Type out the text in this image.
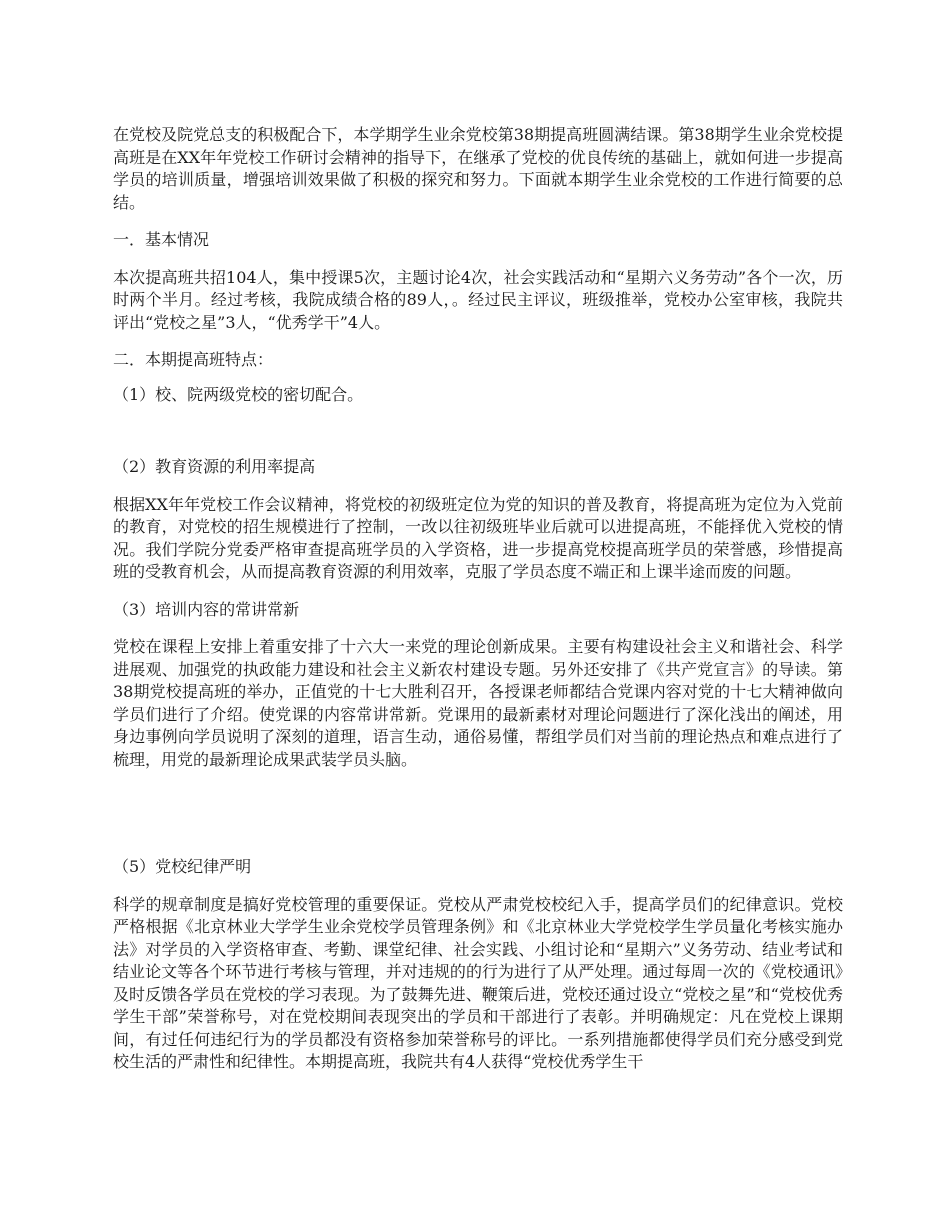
在党校及院党总支的积极配合下，本学期学生业余党校第38期提高班圆满结课。第38期学生业余党校提高班是在XX年年党校工作研讨会精神的指导下，在继承了党校的优良传统的基础上，就如何进一步提高学员的培训质量，增强培训效果做了积极的探究和努力。下面就本期学生业余党校的工作进行简要的总结。

一．基本情况

本次提高班共招104人，集中授课5次，主题讨论4次，社会实践活动和“星期六义务劳动”各个一次，历时两个半月。经过考核，我院成绩合格的89人，。经过民主评议，班级推举，党校办公室审核，我院共评出“党校之星”3人，“优秀学干”4人。

二．本期提高班特点：

（1）校、院两级党校的密切配合。

（2）教育资源的利用率提高

根据XX年年党校工作会议精神，将党校的初级班定位为党的知识的普及教育，将提高班为定位为入党前的教育，对党校的招生规模进行了控制，一改以往初级班毕业后就可以进提高班，不能择优入党校的情况。我们学院分党委严格审查提高班学员的入学资格，进一步提高党校提高班学员的荣誉感，珍惜提高班的受教育机会，从而提高教育资源的利用效率，克服了学员态度不端正和上课半途而废的问题。

（3）培训内容的常讲常新

党校在课程上安排上着重安排了十六大一来党的理论创新成果。主要有构建设社会主义和谐社会、科学进展观、加强党的执政能力建设和社会主义新农村建设专题。另外还安排了《共产党宣言》的导读。第38期党校提高班的举办，正值党的十七大胜利召开，各授课老师都结合党课内容对党的十七大精神做向学员们进行了介绍。使党课的内容常讲常新。党课用的最新素材对理论问题进行了深化浅出的阐述，用身边事例向学员说明了深刻的道理，语言生动，通俗易懂，帮组学员们对当前的理论热点和难点进行了梳理，用党的最新理论成果武装学员头脑。

（5）党校纪律严明

科学的规章制度是搞好党校管理的重要保证。党校从严肃党校校纪入手，提高学员们的纪律意识。党校严格根据《北京林业大学学生业余党校学员管理条例》和《北京林业大学党校学生学员量化考核实施办法》对学员的入学资格审查、考勤、课堂纪律、社会实践、小组讨论和“星期六”义务劳动、结业考试和结业论文等各个环节进行考核与管理，并对违规的的行为进行了从严处理。通过每周一次的《党校通讯》及时反馈各学员在党校的学习表现。为了鼓舞先进、鞭策后进，党校还通过设立“党校之星”和“党校优秀学生干部”荣誉称号，对在党校期间表现突出的学员和干部进行了表彰。并明确规定：凡在党校上课期间，有过任何违纪行为的学员都没有资格参加荣誉称号的评比。一系列措施都使得学员们充分感受到党校生活的严肃性和纪律性。本期提高班，我院共有4人获得“党校优秀学生干
